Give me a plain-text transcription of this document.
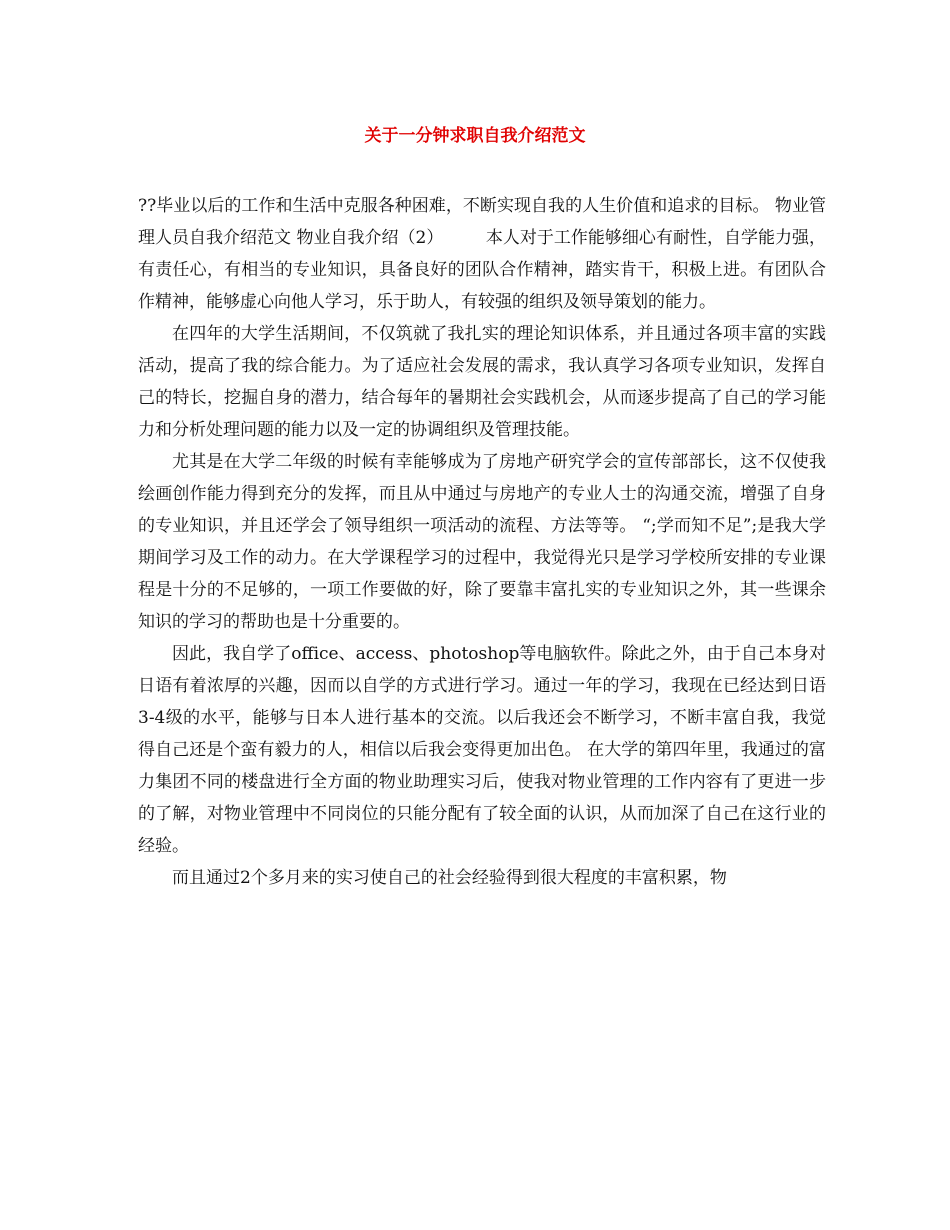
关于一分钟求职自我介绍范文

??毕业以后的工作和生活中克服各种困难，不断实现自我的人生价值和追求的目标。 物业管理人员自我介绍范文 物业自我介绍（2）　　　本人对于工作能够细心有耐性，自学能力强，有责任心，有相当的专业知识，具备良好的团队合作精神，踏实肯干，积极上进。有团队合作精神，能够虚心向他人学习，乐于助人，有较强的组织及领导策划的能力。

在四年的大学生活期间，不仅筑就了我扎实的理论知识体系，并且通过各项丰富的实践活动，提高了我的综合能力。为了适应社会发展的需求，我认真学习各项专业知识，发挥自己的特长，挖掘自身的潜力，结合每年的暑期社会实践机会，从而逐步提高了自己的学习能力和分析处理问题的能力以及一定的协调组织及管理技能。

尤其是在大学二年级的时候有幸能够成为了房地产研究学会的宣传部部长，这不仅使我绘画创作能力得到充分的发挥，而且从中通过与房地产的专业人士的沟通交流，增强了自身的专业知识，并且还学会了领导组织一项活动的流程、方法等等。 “;学而知不足”;是我大学期间学习及工作的动力。在大学课程学习的过程中，我觉得光只是学习学校所安排的专业课程是十分的不足够的，一项工作要做的好，除了要靠丰富扎实的专业知识之外，其一些课余知识的学习的帮助也是十分重要的。

因此，我自学了office、access、photoshop等电脑软件。除此之外，由于自己本身对日语有着浓厚的兴趣，因而以自学的方式进行学习。通过一年的学习，我现在已经达到日语3-4级的水平，能够与日本人进行基本的交流。以后我还会不断学习，不断丰富自我，我觉得自己还是个蛮有毅力的人，相信以后我会变得更加出色。 在大学的第四年里，我通过的富力集团不同的楼盘进行全方面的物业助理实习后，使我对物业管理的工作内容有了更进一步的了解，对物业管理中不同岗位的只能分配有了较全面的认识，从而加深了自己在这行业的经验。

而且通过2个多月来的实习使自己的社会经验得到很大程度的丰富积累，物
